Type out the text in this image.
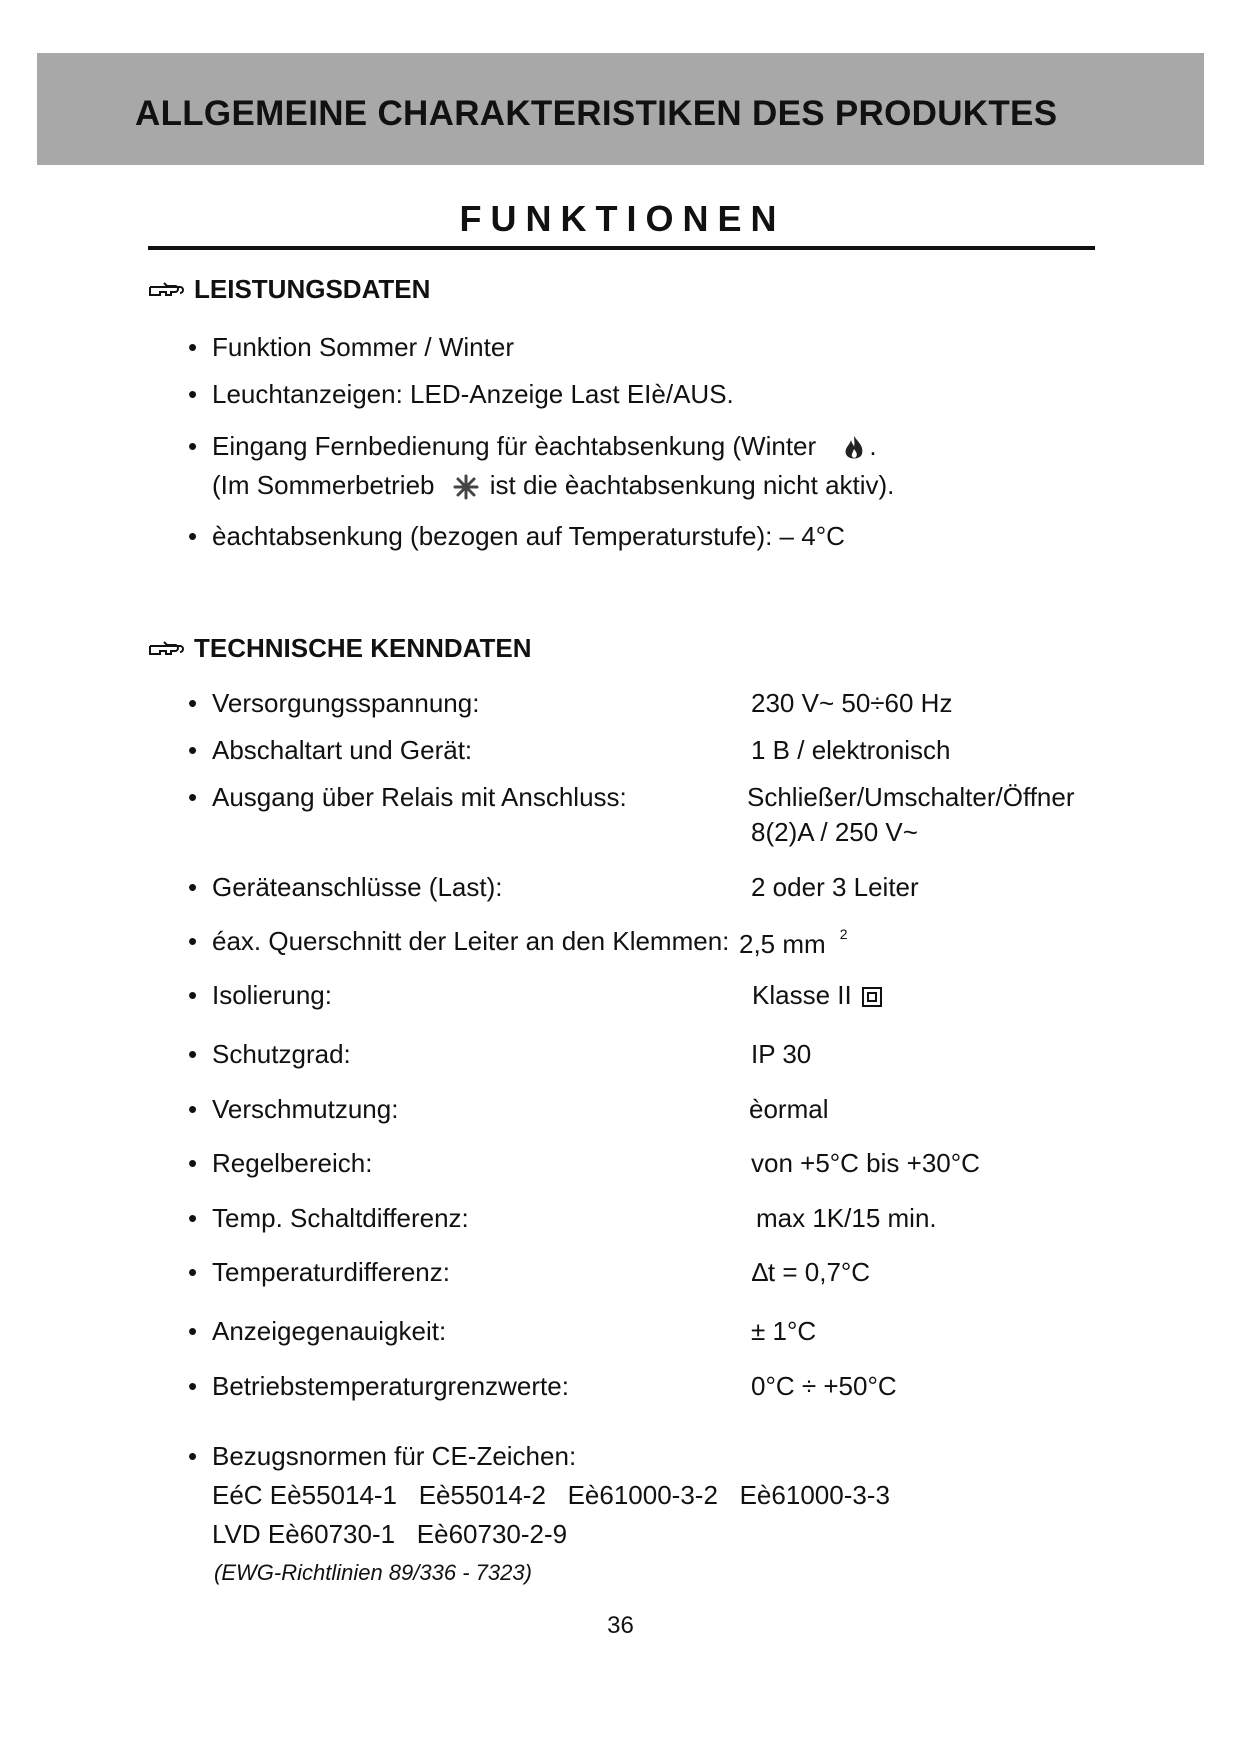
ALLGEMEINE CHARAKTERISTIKEN DES PRODUKTES
FUNKTIONEN
LEISTUNGSDATEN
• Funktion Sommer / Winter
• Leuchtanzeigen: LED-Anzeige Last EIè/AUS.
• Eingang Fernbedienung für èachtabsenkung (Winter .
(Im Sommerbetrieb ist die èachtabsenkung nicht aktiv).
• èachtabsenkung (bezogen auf Temperaturstufe): – 4°C
TECHNISCHE KENNDATEN
• Versorgungsspannung:	230 V~ 50÷60 Hz
• Abschaltart und Gerät:	1 B / elektronisch
• Ausgang über Relais mit Anschluss:	Schließer/Umschalter/Öffner
8(2)A / 250 V~
• Geräteanschlüsse (Last):	2 oder 3 Leiter
• éax. Querschnitt der Leiter an den Klemmen: 2,5 mm $^2$
• Isolierung:	Klasse II
• Schutzgrad:	IP 30
• Verschmutzung:	èormal
• Regelbereich:	von +5°C bis +30°C
• Temp. Schaltdifferenz:	max 1K/15 min.
• Temperaturdifferenz:	∆t = 0,7°C
• Anzeigegenauigkeit:	± 1°C
• Betriebstemperaturgrenzwerte:	0°C ÷ +50°C
• Bezugsnormen für CE-Zeichen:
EéC Eè55014-1   Eè55014-2   Eè61000-3-2   Eè61000-3-3
LVD Eè60730-1   Eè60730-2-9
(EWG-Richtlinien 89/336 - 7323)
36
